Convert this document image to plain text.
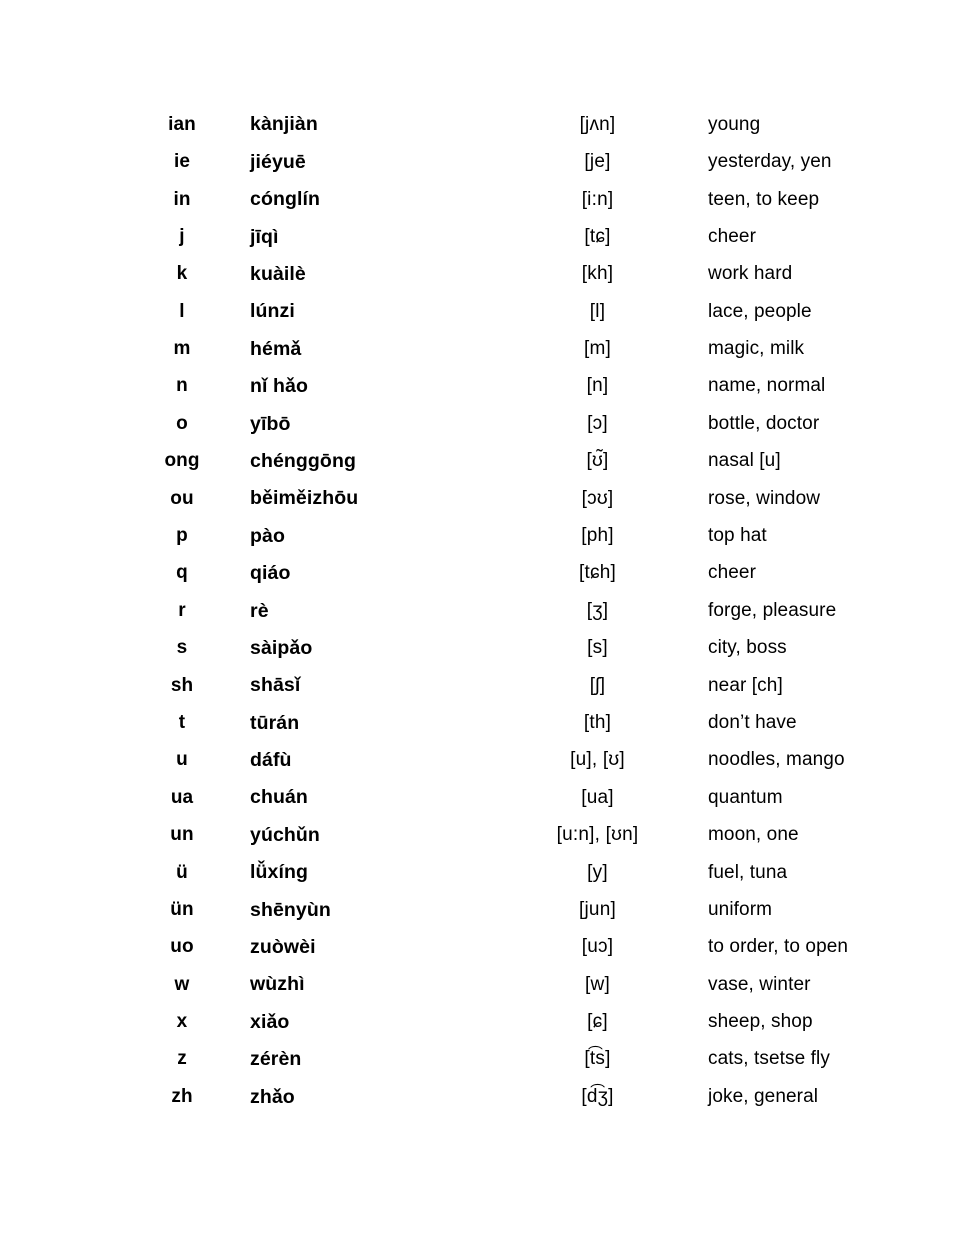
ian	kànjiàn	[jʌn]	young
ie	jiéyuē	[je]	yesterday, yen
in	cónglín	[i:n]	teen, to keep
j	jīqì	[tɕ]	cheer
k	kuàilè	[kh]	work hard
l	lúnzi	[l]	lace, people
m	hémǎ	[m]	magic, milk
n	nǐ hǎo	[n]	name, normal
o	yībō	[ɔ]	bottle, doctor
ong	chénggōng	[ʊ̃]	nasal [u]
ou	běiměizhōu	[ɔʊ]	rose, window
p	pào	[ph]	top hat
q	qiáo	[tɕh]	cheer
r	rè	[ʒ]	forge, pleasure
s	sàipǎo	[s]	city, boss
sh	shāsǐ	[ʃ]	near [ch]
t	tūrán	[th]	don’t have
u	dáfù	[u], [ʊ]	noodles, mango
ua	chuán	[ua]	quantum
un	yúchǔn	[u:n], [ʊn]	moon, one
ü	lǚxíng	[y]	fuel, tuna
ün	shēnyùn	[jun]	uniform
uo	zuòwèi	[uɔ]	to order, to open
w	wùzhì	[w]	vase, winter
x	xiǎo	[ɕ]	sheep, shop
z	zérèn	[t͡s]	cats, tsetse fly
zh	zhǎo	[d͡ʒ]	joke, general
